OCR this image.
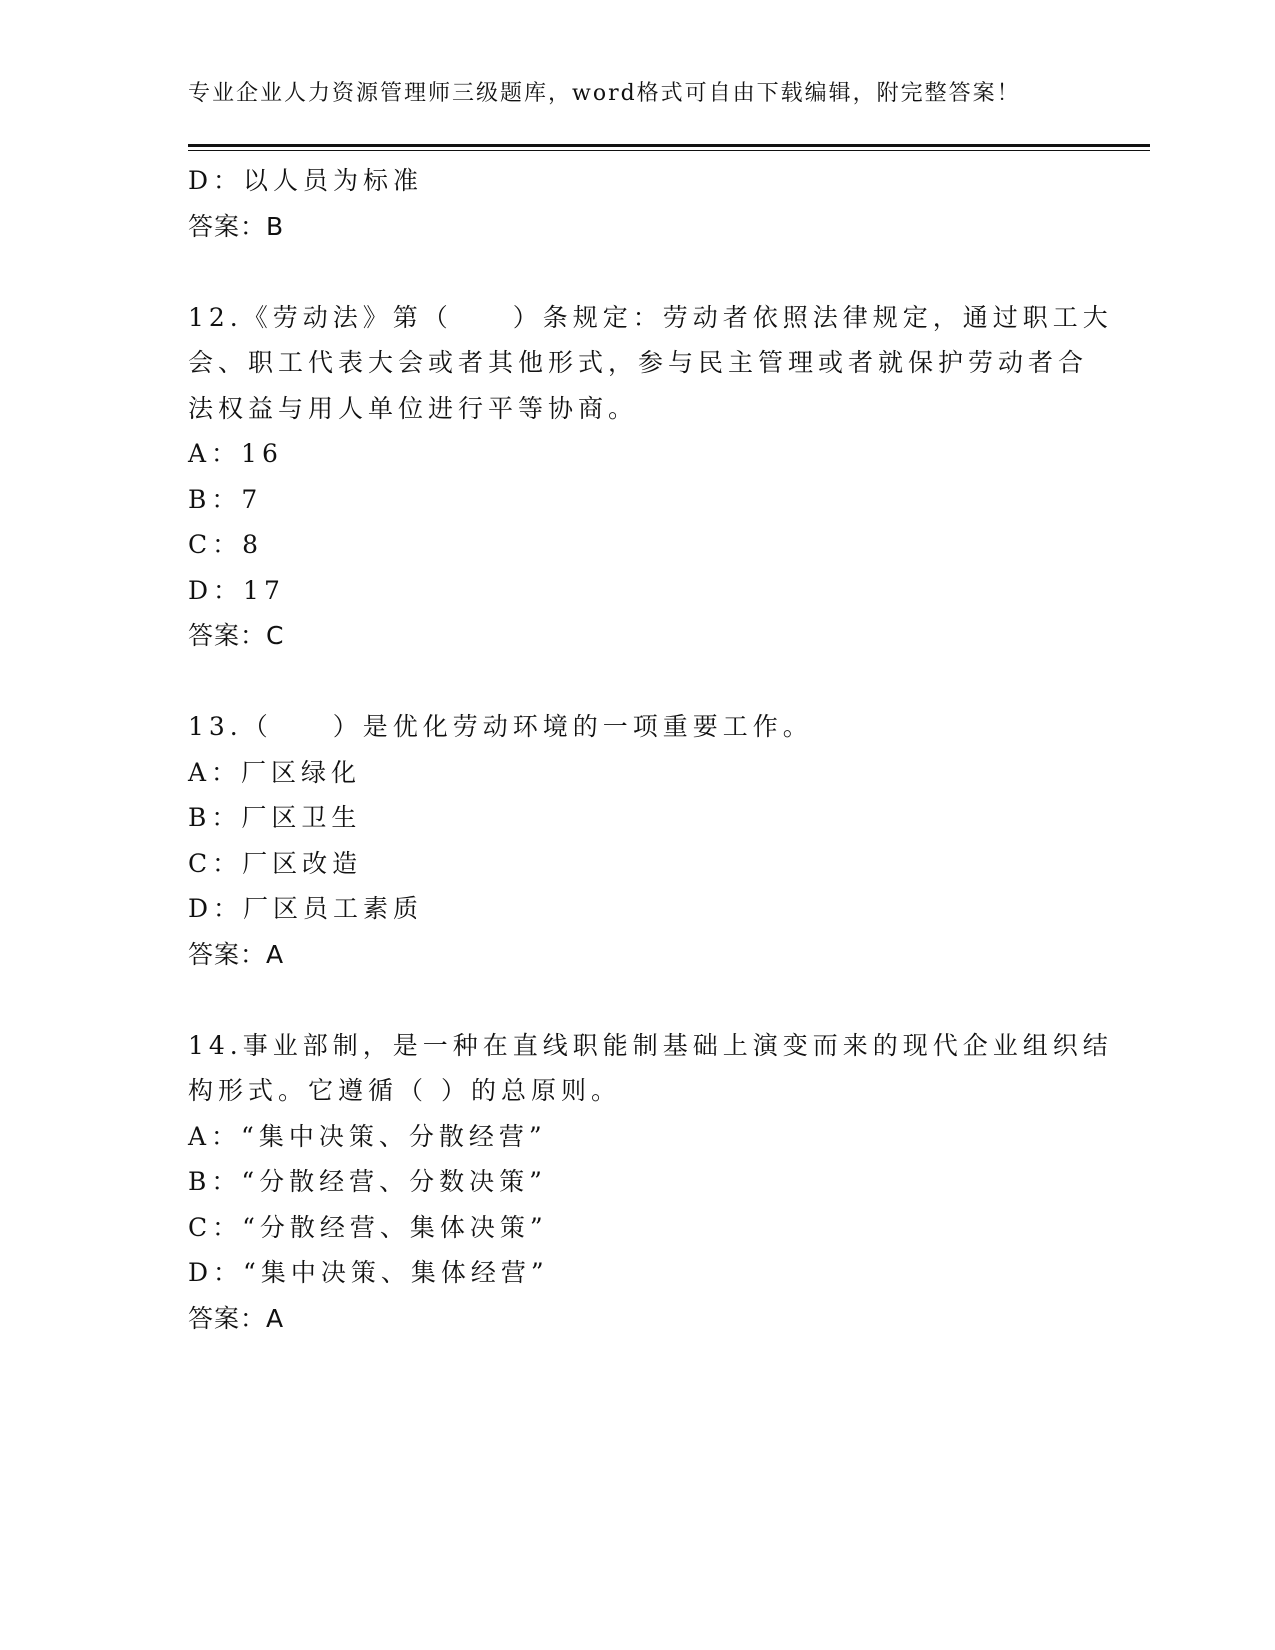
专业企业人力资源管理师三级题库，word格式可自由下载编辑，附完整答案！
D：以人员为标准
答案：B
12.《劳动法》第（　　）条规定：劳动者依照法律规定，通过职工大
会、职工代表大会或者其他形式，参与民主管理或者就保护劳动者合
法权益与用人单位进行平等协商。
A：16
B：7
C：8
D：17
答案：C
13.（　　）是优化劳动环境的一项重要工作。
A：厂区绿化
B：厂区卫生
C：厂区改造
D：厂区员工素质
答案：A
14.事业部制，是一种在直线职能制基础上演变而来的现代企业组织结
构形式。它遵循（ ）的总原则。
A：“集中决策、分散经营”
B：“分散经营、分数决策”
C：“分散经营、集体决策”
D：“集中决策、集体经营”
答案：A
